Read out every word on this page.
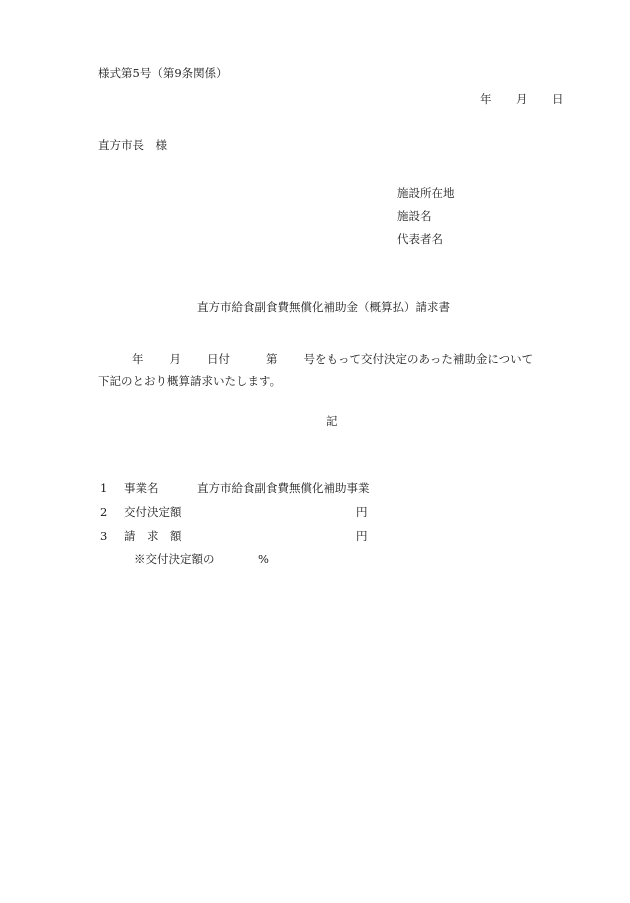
様式第5号（第9条関係）
年 月 日
直方市長　様
施設所在地
施設名
代表者名
直方市給食副食費無償化補助金（概算払）請求書
年 月 日付	第 号をもって交付決定のあった補助金について下記のとおり概算請求いたします。
記
1 事業名	直方市給食副食費無償化補助事業
2 交付決定額	円
3 請　求　額	円
※交付決定額の	%
